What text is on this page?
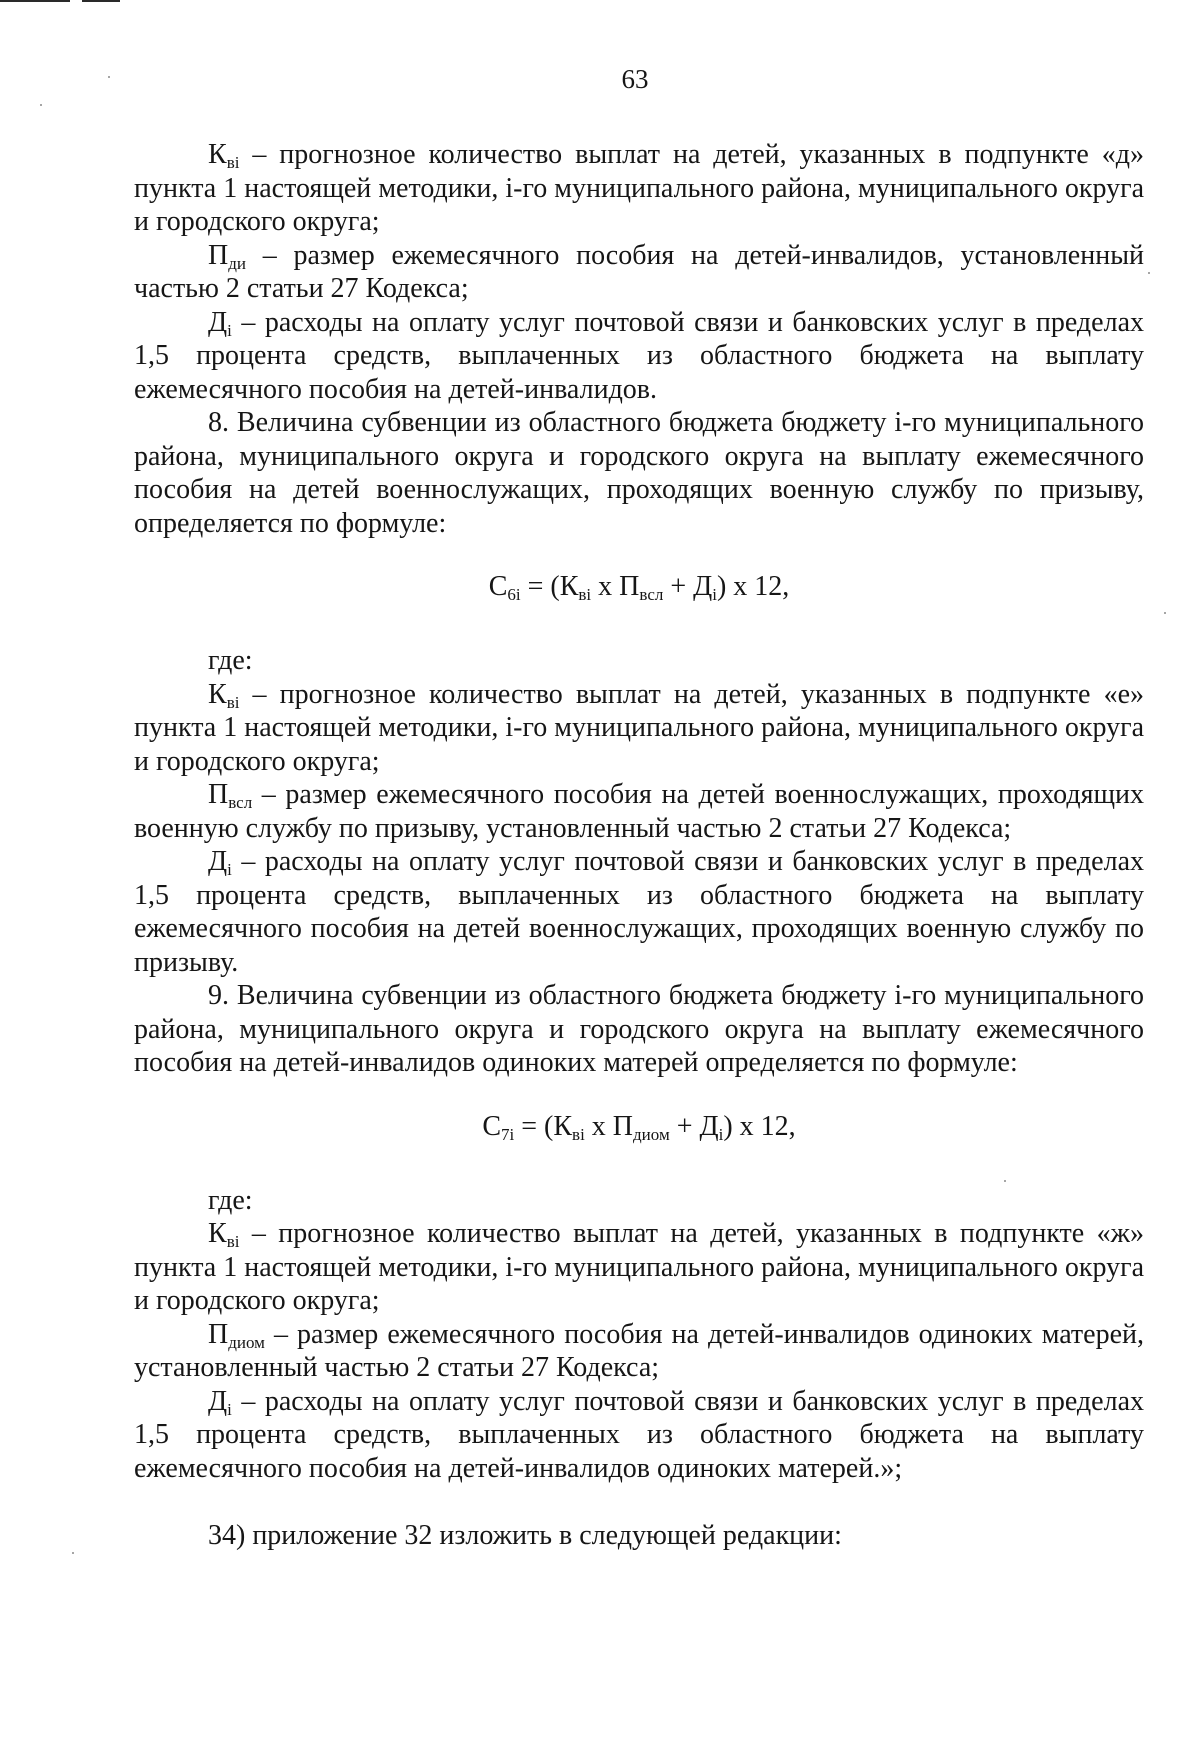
63

$К_{вi}$ – прогнозное количество выплат на детей, указанных в подпункте «д» пункта 1 настоящей методики, i-го муниципального района, муниципального округа и городского округа;

$П_{ди}$ – размер ежемесячного пособия на детей-инвалидов, установленный частью 2 статьи 27 Кодекса;

$Д_i$ – расходы на оплату услуг почтовой связи и банковских услуг в пределах 1,5 процента средств, выплаченных из областного бюджета на выплату ежемесячного пособия на детей-инвалидов.

8. Величина субвенции из областного бюджета бюджету i-го муниципального района, муниципального округа и городского округа на выплату ежемесячного пособия на детей военнослужащих, проходящих военную службу по призыву, определяется по формуле:

$С_{6i} = (К_{вi}$ х $П_{всл} + Д_i$) х 12,

где:

$К_{вi}$ – прогнозное количество выплат на детей, указанных в подпункте «е» пункта 1 настоящей методики, i-го муниципального района, муниципального округа и городского округа;

$П_{всл}$ – размер ежемесячного пособия на детей военнослужащих, проходящих военную службу по призыву, установленный частью 2 статьи 27 Кодекса;

$Д_i$ – расходы на оплату услуг почтовой связи и банковских услуг в пределах 1,5 процента средств, выплаченных из областного бюджета на выплату ежемесячного пособия на детей военнослужащих, проходящих военную службу по призыву.

9. Величина субвенции из областного бюджета бюджету i-го муниципального района, муниципального округа и городского округа на выплату ежемесячного пособия на детей-инвалидов одиноких матерей определяется по формуле:

$С_{7i} = (К_{вi}$ х $П_{диом} + Д_i$) х 12,

где:

$К_{вi}$ – прогнозное количество выплат на детей, указанных в подпункте «ж» пункта 1 настоящей методики, i-го муниципального района, муниципального округа и городского округа;

$П_{диом}$ – размер ежемесячного пособия на детей-инвалидов одиноких матерей, установленный частью 2 статьи 27 Кодекса;

$Д_i$ – расходы на оплату услуг почтовой связи и банковских услуг в пределах 1,5 процента средств, выплаченных из областного бюджета на выплату ежемесячного пособия на детей-инвалидов одиноких матерей.»;

34) приложение 32 изложить в следующей редакции:
